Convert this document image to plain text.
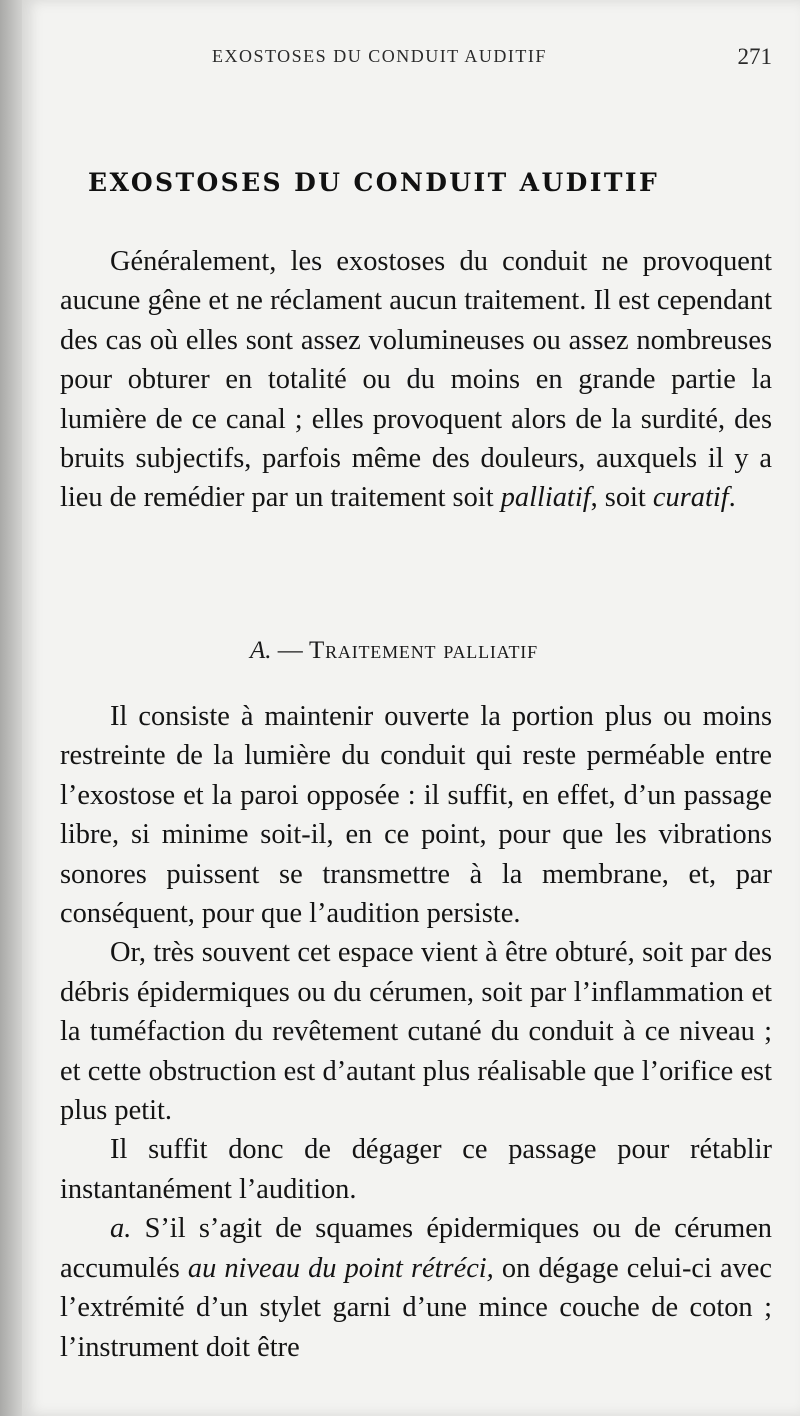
EXOSTOSES DU CONDUIT AUDITIF	271
EXOSTOSES DU CONDUIT AUDITIF

Généralement, les exostoses du conduit ne provoquent aucune gêne et ne réclament aucun traitement. Il est cependant des cas où elles sont assez volumineuses ou assez nombreuses pour obturer en totalité ou du moins en grande partie la lumière de ce canal ; elles provoquent alors de la surdité, des bruits subjectifs, parfois même des douleurs, auxquels il y a lieu de remédier par un traitement soit palliatif, soit curatif.

A. — Traitement palliatif

Il consiste à maintenir ouverte la portion plus ou moins restreinte de la lumière du conduit qui reste perméable entre l’exostose et la paroi opposée : il suffit, en effet, d’un passage libre, si minime soit-il, en ce point, pour que les vibrations sonores puissent se transmettre à la membrane, et, par conséquent, pour que l’audition persiste.

Or, très souvent cet espace vient à être obturé, soit par des débris épidermiques ou du cérumen, soit par l’inflammation et la tuméfaction du revêtement cutané du conduit à ce niveau ; et cette obstruction est d’autant plus réalisable que l’orifice est plus petit.

Il suffit donc de dégager ce passage pour rétablir instantanément l’audition.

a. S’il s’agit de squames épidermiques ou de cérumen accumulés au niveau du point rétréci, on dégage celui-ci avec l’extrémité d’un stylet garni d’une mince couche de coton ; l’instrument doit être
